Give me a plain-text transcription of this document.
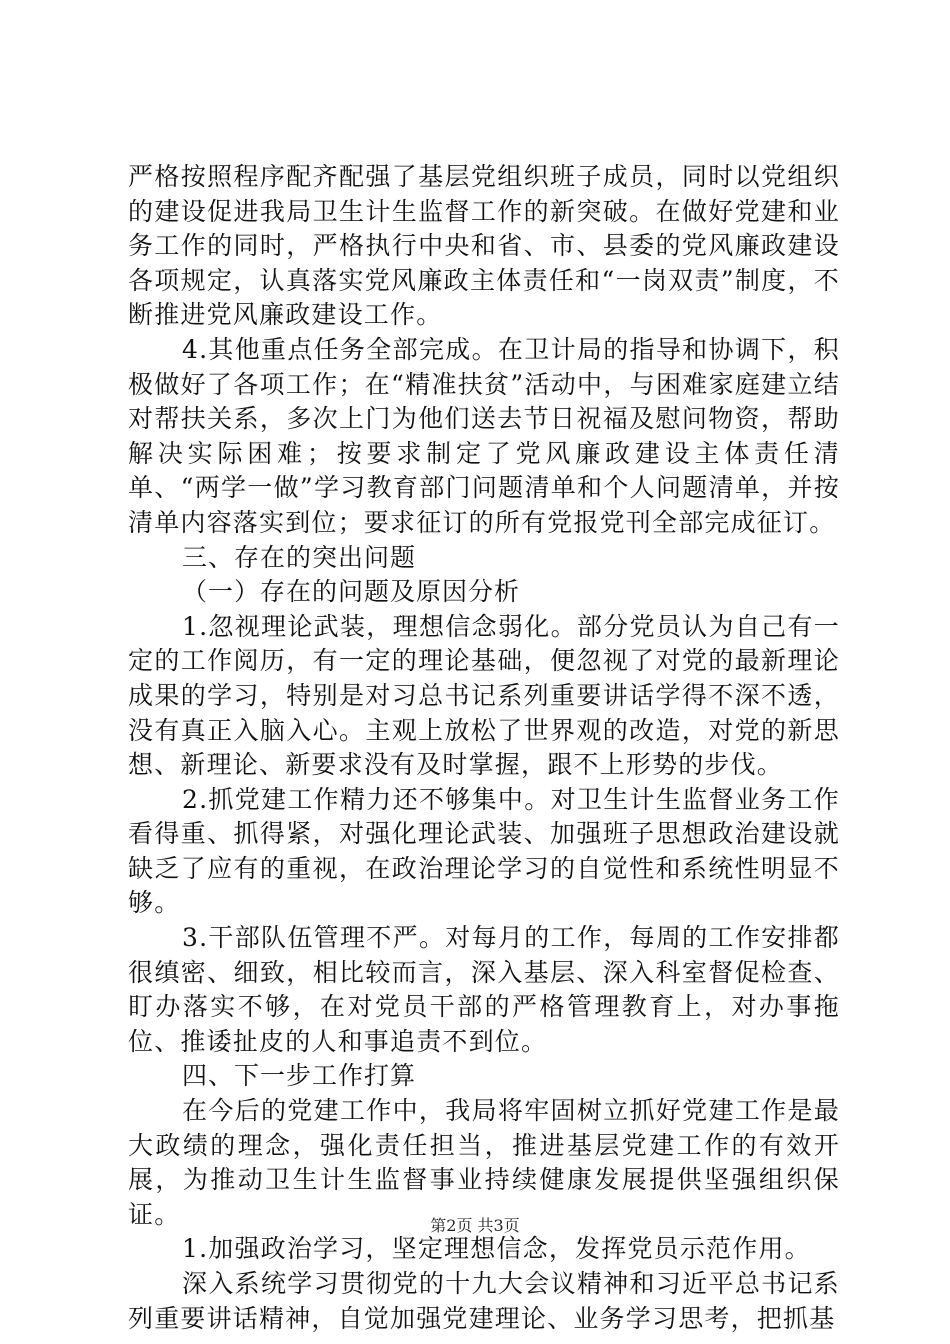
严格按照程序配齐配强了基层党组织班子成员，同时以党组织的建设促进我局卫生计生监督工作的新突破。在做好党建和业务工作的同时，严格执行中央和省、市、县委的党风廉政建设各项规定，认真落实党风廉政主体责任和“一岗双责”制度，不断推进党风廉政建设工作。

4.其他重点任务全部完成。在卫计局的指导和协调下，积极做好了各项工作；在“精准扶贫”活动中，与困难家庭建立结对帮扶关系，多次上门为他们送去节日祝福及慰问物资，帮助解决实际困难；按要求制定了党风廉政建设主体责任清单、“两学一做”学习教育部门问题清单和个人问题清单，并按清单内容落实到位；要求征订的所有党报党刊全部完成征订。

三、存在的突出问题
（一）存在的问题及原因分析

1.忽视理论武装，理想信念弱化。部分党员认为自己有一定的工作阅历，有一定的理论基础，便忽视了对党的最新理论成果的学习，特别是对习总书记系列重要讲话学得不深不透，没有真正入脑入心。主观上放松了世界观的改造，对党的新思想、新理论、新要求没有及时掌握，跟不上形势的步伐。

2.抓党建工作精力还不够集中。对卫生计生监督业务工作看得重、抓得紧，对强化理论武装、加强班子思想政治建设就缺乏了应有的重视，在政治理论学习的自觉性和系统性明显不够。

3.干部队伍管理不严。对每月的工作，每周的工作安排都很缜密、细致，相比较而言，深入基层、深入科室督促检查、盯办落实不够，在对党员干部的严格管理教育上，对办事拖位、推诿扯皮的人和事追责不到位。

四、下一步工作打算

在今后的党建工作中，我局将牢固树立抓好党建工作是最大政绩的理念，强化责任担当，推进基层党建工作的有效开展，为推动卫生计生监督事业持续健康发展提供坚强组织保证。

1.加强政治学习，坚定理想信念，发挥党员示范作用。

深入系统学习贯彻党的十九大会议精神和习近平总书记系列重要讲话精神，自觉加强党建理论、业务学习思考，把抓基

第2页 共3页
